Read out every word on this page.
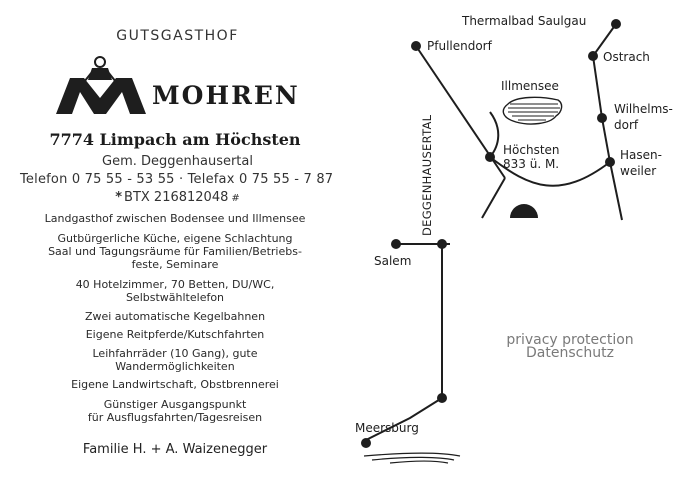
GUTSGASTHOF
MOHREN
7774 Limpach am Höchsten
Gem. Deggenhausertal
Telefon 0 75 55 - 53 55 · Telefax 0 75 55 - 7 87
* BTX 216812048 #
Landgasthof zwischen Bodensee und Illmensee
Gutbürgerliche Küche, eigene Schlachtung
Saal und Tagungsräume für Familien/Betriebs-
feste, Seminare
40 Hotelzimmer, 70 Betten, DU/WC,
Selbstwähltelefon
Zwei automatische Kegelbahnen
Eigene Reitpferde/Kutschfahrten
Leihfahrräder (10 Gang), gute
Wandermöglichkeiten
Eigene Landwirtschaft, Obstbrennerei
Günstiger Ausgangspunkt
für Ausflugsfahrten/Tagesreisen
Familie H. + A. Waizenegger
Thermalbad Saulgau
Pfullendorf
Ostrach
Illmensee
Wilhelms-
dorf
Höchsten
833 ü. M.
Hasen-
weiler
Salem
Meersburg
DEGGENHAUSERTAL
privacy protection
Datenschutz
